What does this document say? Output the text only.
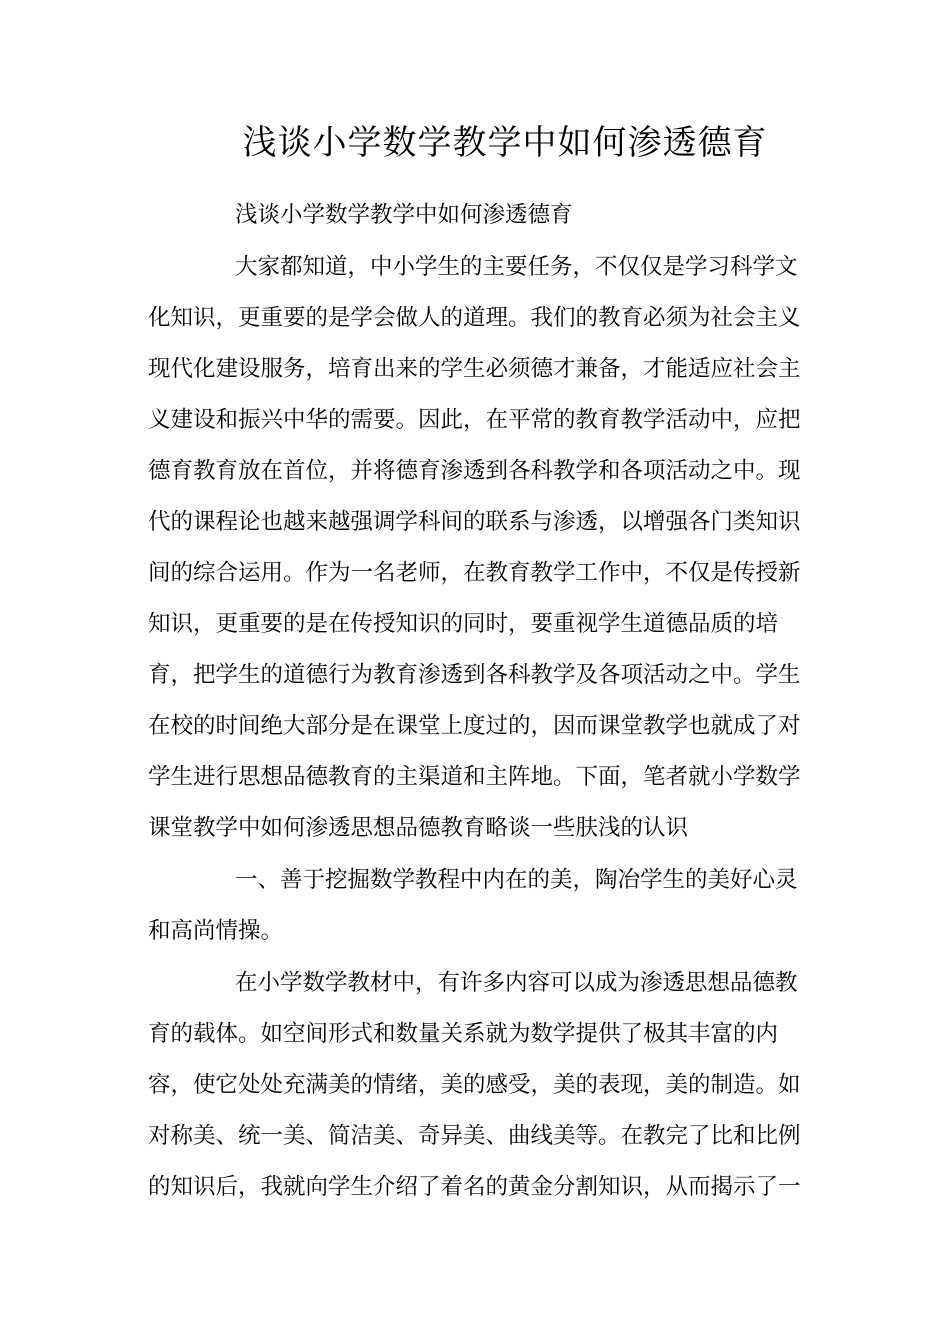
浅谈小学数学教学中如何渗透德育
浅谈小学数学教学中如何渗透德育
大家都知道，中小学生的主要任务，不仅仅是学习科学文
化知识，更重要的是学会做人的道理。我们的教育必须为社会主义
现代化建设服务，培育出来的学生必须德才兼备，才能适应社会主
义建设和振兴中华的需要。因此，在平常的教育教学活动中，应把
德育教育放在首位，并将德育渗透到各科教学和各项活动之中。现
代的课程论也越来越强调学科间的联系与渗透，以增强各门类知识
间的综合运用。作为一名老师，在教育教学工作中，不仅是传授新
知识，更重要的是在传授知识的同时，要重视学生道德品质的培
育，把学生的道德行为教育渗透到各科教学及各项活动之中。学生
在校的时间绝大部分是在课堂上度过的，因而课堂教学也就成了对
学生进行思想品德教育的主渠道和主阵地。下面，笔者就小学数学
课堂教学中如何渗透思想品德教育略谈一些肤浅的认识
一、善于挖掘数学教程中内在的美，陶冶学生的美好心灵
和高尚情操。
在小学数学教材中，有许多内容可以成为渗透思想品德教
育的载体。如空间形式和数量关系就为数学提供了极其丰富的内
容，使它处处充满美的情绪，美的感受，美的表现，美的制造。如
对称美、统一美、简洁美、奇异美、曲线美等。在教完了比和比例
的知识后，我就向学生介绍了着名的黄金分割知识，从而揭示了一
